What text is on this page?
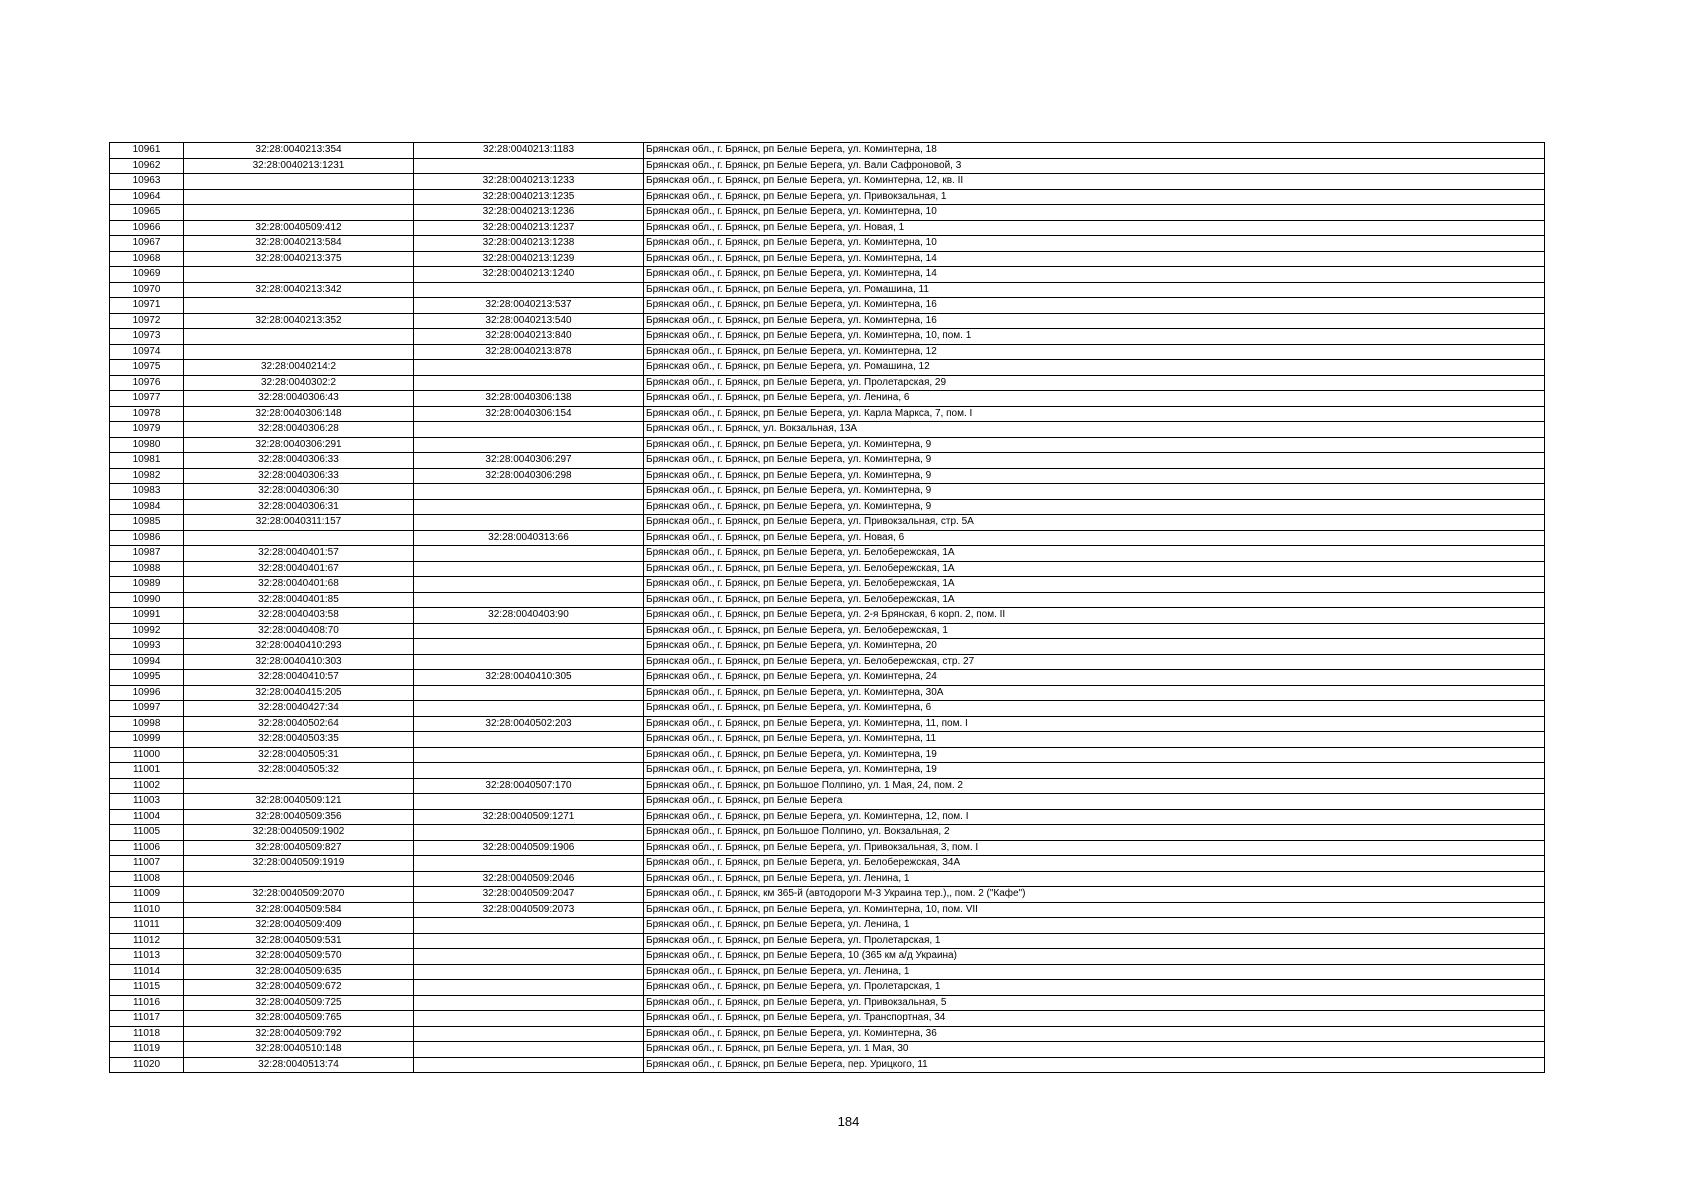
10961	32:28:0040213:354	32:28:0040213:1183	Брянская обл., г. Брянск, рп Белые Берега, ул. Коминтерна, 18
10962	32:28:0040213:1231		Брянская обл., г. Брянск, рп Белые Берега, ул. Вали Сафроновой, 3
10963		32:28:0040213:1233	Брянская обл., г. Брянск, рп Белые Берега, ул. Коминтерна, 12, кв. II
10964		32:28:0040213:1235	Брянская обл., г. Брянск, рп Белые Берега, ул. Привокзальная, 1
10965		32:28:0040213:1236	Брянская обл., г. Брянск, рп Белые Берега, ул. Коминтерна, 10
10966	32:28:0040509:412	32:28:0040213:1237	Брянская обл., г. Брянск, рп Белые Берега, ул. Новая, 1
10967	32:28:0040213:584	32:28:0040213:1238	Брянская обл., г. Брянск, рп Белые Берега, ул. Коминтерна, 10
10968	32:28:0040213:375	32:28:0040213:1239	Брянская обл., г. Брянск, рп Белые Берега, ул. Коминтерна, 14
10969		32:28:0040213:1240	Брянская обл., г. Брянск, рп Белые Берега, ул. Коминтерна, 14
10970	32:28:0040213:342		Брянская обл., г. Брянск, рп Белые Берега, ул. Ромашина, 11
10971		32:28:0040213:537	Брянская обл., г. Брянск, рп Белые Берега, ул. Коминтерна, 16
10972	32:28:0040213:352	32:28:0040213:540	Брянская обл., г. Брянск, рп Белые Берега, ул. Коминтерна, 16
10973		32:28:0040213:840	Брянская обл., г. Брянск, рп Белые Берега, ул. Коминтерна, 10, пом. 1
10974		32:28:0040213:878	Брянская обл., г. Брянск, рп Белые Берега, ул. Коминтерна, 12
10975	32:28:0040214:2		Брянская обл., г. Брянск, рп Белые Берега, ул. Ромашина, 12
10976	32:28:0040302:2		Брянская обл., г. Брянск, рп Белые Берега, ул. Пролетарская, 29
10977	32:28:0040306:43	32:28:0040306:138	Брянская обл., г. Брянск, рп Белые Берега, ул. Ленина, 6
10978	32:28:0040306:148	32:28:0040306:154	Брянская обл., г. Брянск, рп Белые Берега, ул. Карла Маркса, 7, пом. I
10979	32:28:0040306:28		Брянская обл., г. Брянск, ул. Вокзальная, 13А
10980	32:28:0040306:291		Брянская обл., г. Брянск, рп Белые Берега, ул. Коминтерна, 9
10981	32:28:0040306:33	32:28:0040306:297	Брянская обл., г. Брянск, рп Белые Берега, ул. Коминтерна, 9
10982	32:28:0040306:33	32:28:0040306:298	Брянская обл., г. Брянск, рп Белые Берега, ул. Коминтерна, 9
10983	32:28:0040306:30		Брянская обл., г. Брянск, рп Белые Берега, ул. Коминтерна, 9
10984	32:28:0040306:31		Брянская обл., г. Брянск, рп Белые Берега, ул. Коминтерна, 9
10985	32:28:0040311:157		Брянская обл., г. Брянск, рп Белые Берега, ул. Привокзальная, стр. 5А
10986		32:28:0040313:66	Брянская обл., г. Брянск, рп Белые Берега, ул. Новая, 6
10987	32:28:0040401:57		Брянская обл., г. Брянск, рп Белые Берега, ул. Белобережская, 1А
10988	32:28:0040401:67		Брянская обл., г. Брянск, рп Белые Берега, ул. Белобережская, 1А
10989	32:28:0040401:68		Брянская обл., г. Брянск, рп Белые Берега, ул. Белобережская, 1А
10990	32:28:0040401:85		Брянская обл., г. Брянск, рп Белые Берега, ул. Белобережская, 1А
10991	32:28:0040403:58	32:28:0040403:90	Брянская обл., г. Брянск, рп Белые Берега, ул. 2-я Брянская, 6 корп. 2, пом. II
10992	32:28:0040408:70		Брянская обл., г. Брянск, рп Белые Берега, ул. Белобережская, 1
10993	32:28:0040410:293		Брянская обл., г. Брянск, рп Белые Берега, ул. Коминтерна, 20
10994	32:28:0040410:303		Брянская обл., г. Брянск, рп Белые Берега, ул. Белобережская, стр. 27
10995	32:28:0040410:57	32:28:0040410:305	Брянская обл., г. Брянск, рп Белые Берега, ул. Коминтерна, 24
10996	32:28:0040415:205		Брянская обл., г. Брянск, рп Белые Берега, ул. Коминтерна, 30А
10997	32:28:0040427:34		Брянская обл., г. Брянск, рп Белые Берега, ул. Коминтерна, 6
10998	32:28:0040502:64	32:28:0040502:203	Брянская обл., г. Брянск, рп Белые Берега, ул. Коминтерна, 11, пом. I
10999	32:28:0040503:35		Брянская обл., г. Брянск, рп Белые Берега, ул. Коминтерна, 11
11000	32:28:0040505:31		Брянская обл., г. Брянск, рп Белые Берега, ул. Коминтерна, 19
11001	32:28:0040505:32		Брянская обл., г. Брянск, рп Белые Берега, ул. Коминтерна, 19
11002		32:28:0040507:170	Брянская обл., г. Брянск, рп Большое Полпино, ул. 1 Мая, 24, пом. 2
11003	32:28:0040509:121		Брянская обл., г. Брянск, рп Белые Берега
11004	32:28:0040509:356	32:28:0040509:1271	Брянская обл., г. Брянск, рп Белые Берега, ул. Коминтерна, 12, пом. I
11005	32:28:0040509:1902		Брянская обл., г. Брянск, рп Большое Полпино, ул. Вокзальная, 2
11006	32:28:0040509:827	32:28:0040509:1906	Брянская обл., г. Брянск, рп Белые Берега, ул. Привокзальная, 3, пом. I
11007	32:28:0040509:1919		Брянская обл., г. Брянск, рп Белые Берега, ул. Белобережская, 34А
11008		32:28:0040509:2046	Брянская обл., г. Брянск, рп Белые Берега, ул. Ленина, 1
11009	32:28:0040509:2070	32:28:0040509:2047	Брянская обл., г. Брянск, км 365-й (автодороги М-3 Украина тер.),, пом. 2 ("Кафе")
11010	32:28:0040509:584	32:28:0040509:2073	Брянская обл., г. Брянск, рп Белые Берега, ул. Коминтерна, 10, пом. VII
11011	32:28:0040509:409		Брянская обл., г. Брянск, рп Белые Берега, ул. Ленина, 1
11012	32:28:0040509:531		Брянская обл., г. Брянск, рп Белые Берега, ул. Пролетарская, 1
11013	32:28:0040509:570		Брянская обл., г. Брянск, рп Белые Берега, 10 (365 км а/д Украина)
11014	32:28:0040509:635		Брянская обл., г. Брянск, рп Белые Берега, ул. Ленина, 1
11015	32:28:0040509:672		Брянская обл., г. Брянск, рп Белые Берега, ул. Пролетарская, 1
11016	32:28:0040509:725		Брянская обл., г. Брянск, рп Белые Берега, ул. Привокзальная, 5
11017	32:28:0040509:765		Брянская обл., г. Брянск, рп Белые Берега, ул. Транспортная, 34
11018	32:28:0040509:792		Брянская обл., г. Брянск, рп Белые Берега, ул. Коминтерна, 36
11019	32:28:0040510:148		Брянская обл., г. Брянск, рп Белые Берега, ул. 1 Мая, 30
11020	32:28:0040513:74		Брянская обл., г. Брянск, рп Белые Берега, пер. Урицкого, 11
184
